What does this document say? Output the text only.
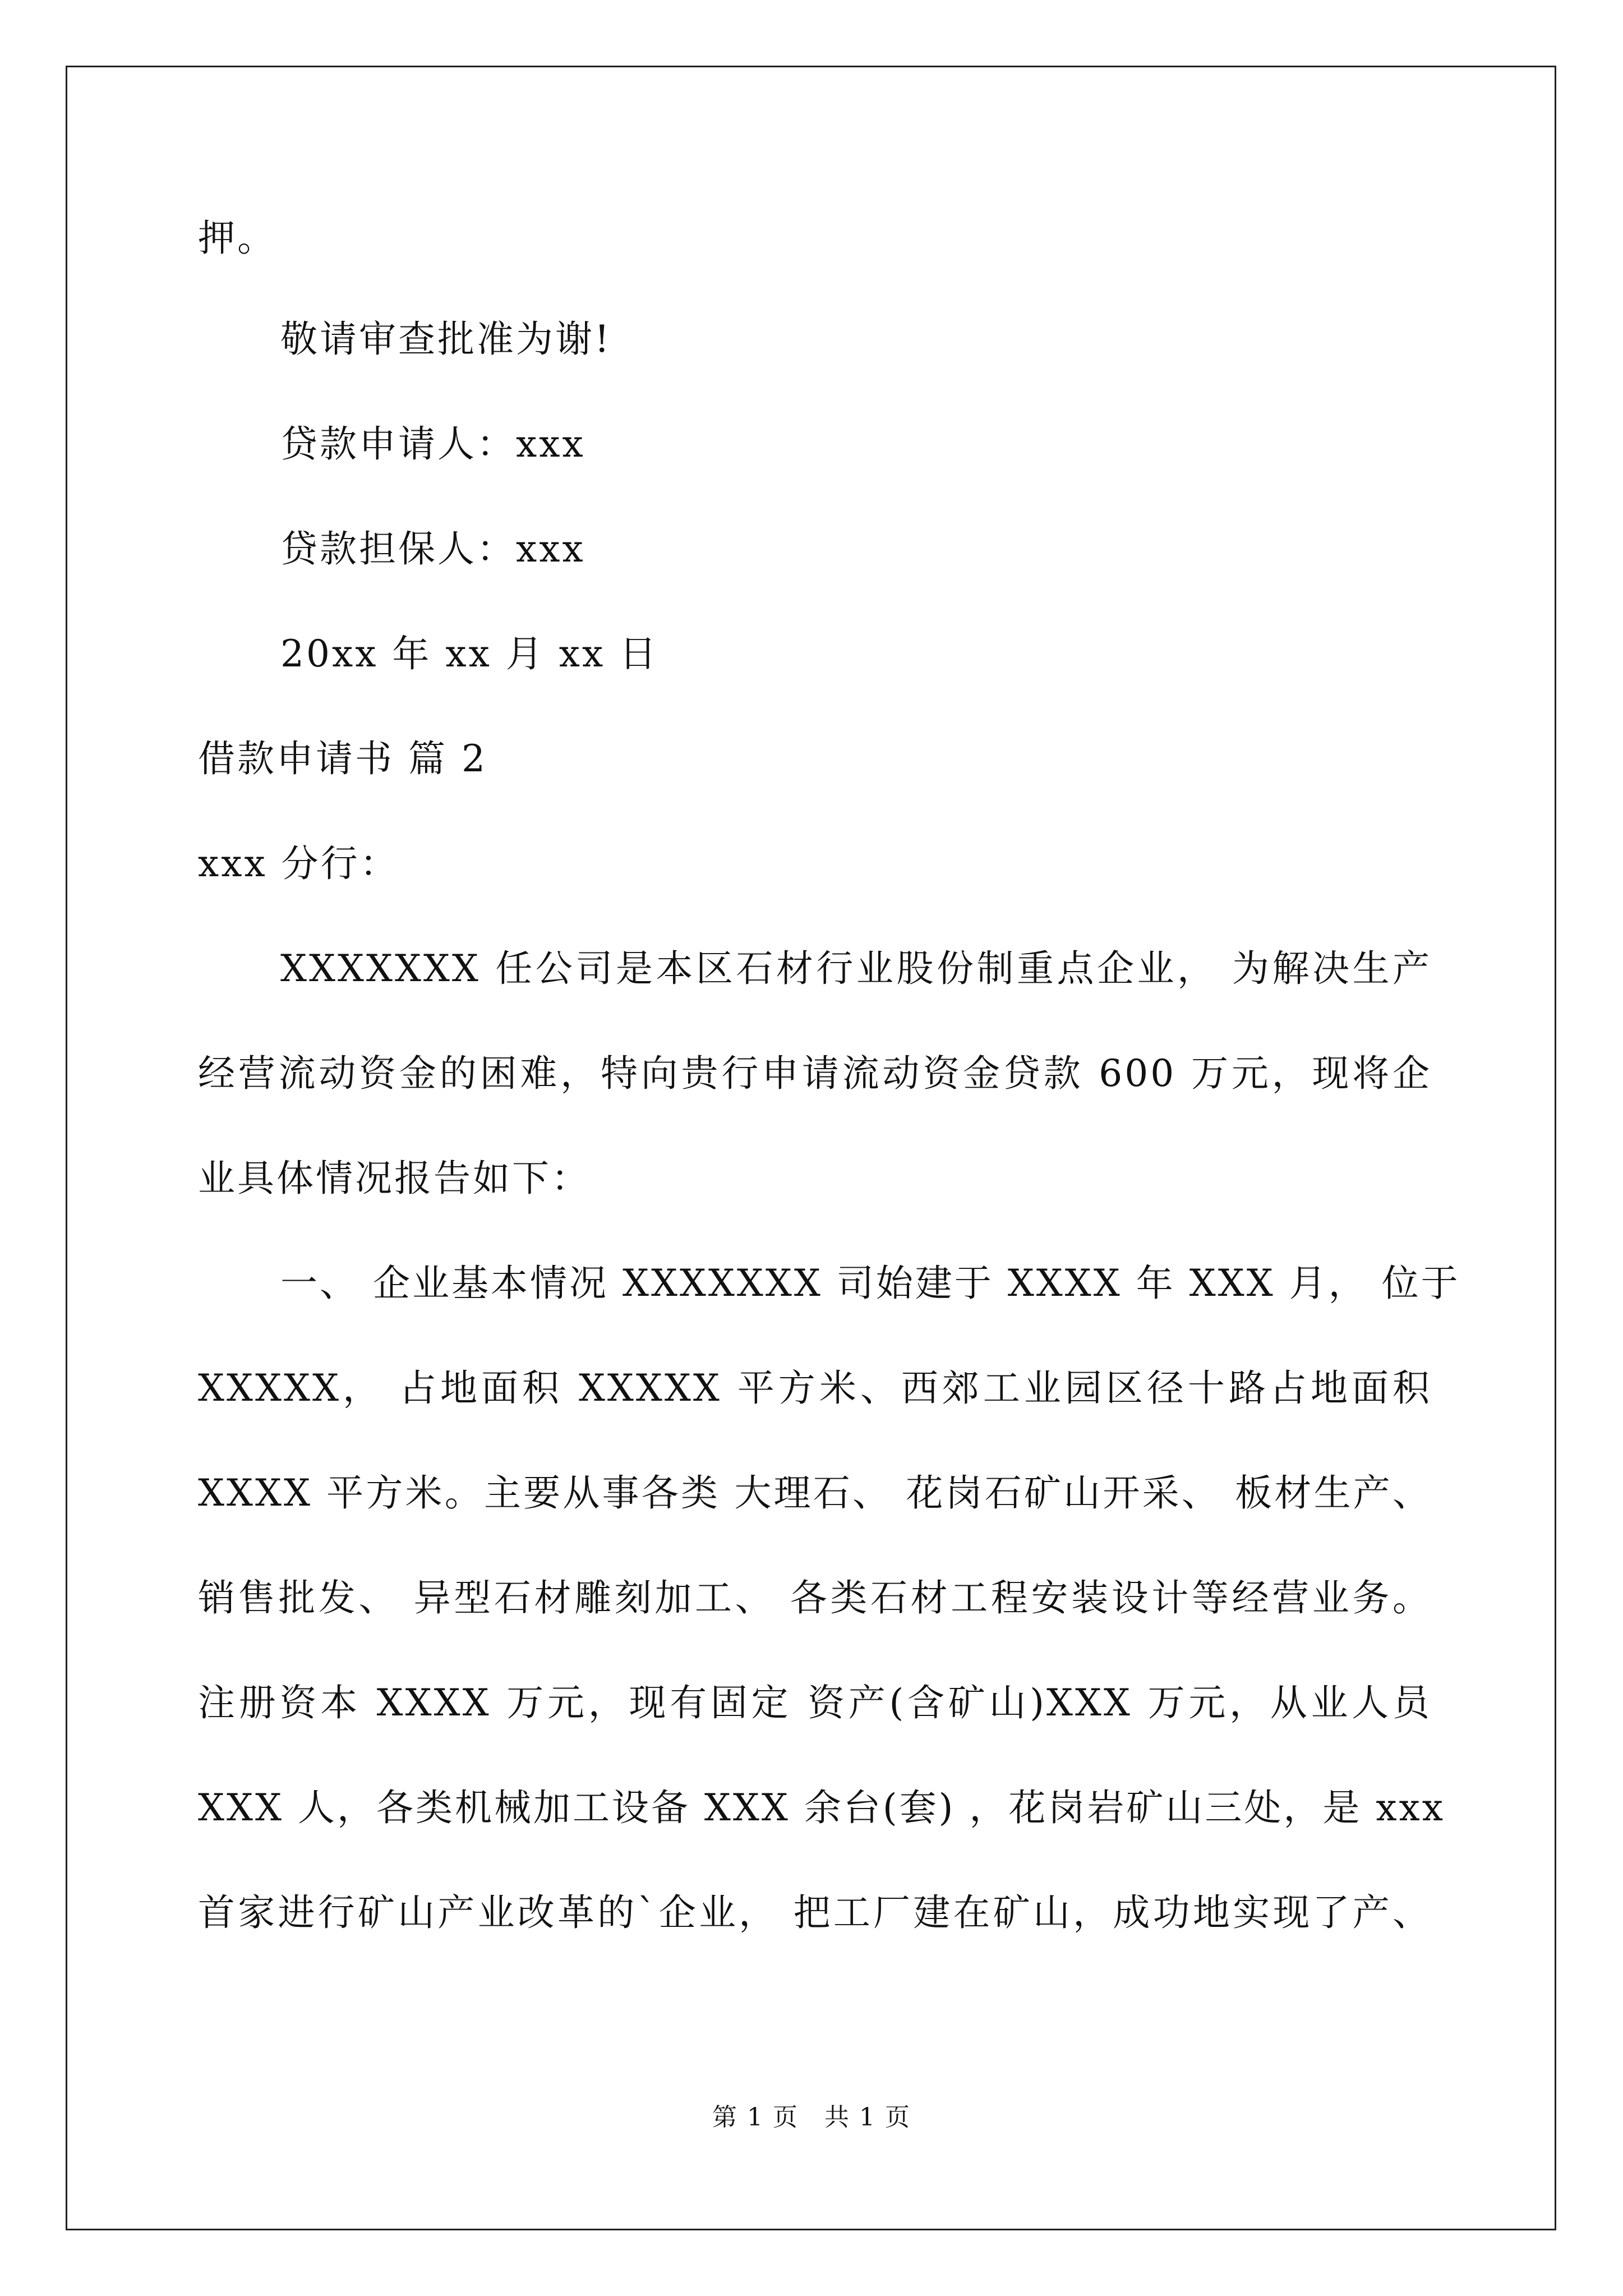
押。
敬请审查批准为谢!
贷款申请人：xxx
贷款担保人：xxx
20xx 年 xx 月 xx 日
借款申请书 篇 2
xxx 分行：
XXXXXXX 任公司是本区石材行业股份制重点企业， 为解决生产
经营流动资金的困难，特向贵行申请流动资金贷款 600 万元，现将企
业具体情况报告如下：
一、 企业基本情况 XXXXXXX 司始建于 XXXX 年 XXX 月， 位于
XXXXX， 占地面积 XXXXX 平方米、西郊工业园区径十路占地面积
XXXX 平方米。主要从事各类 大理石、 花岗石矿山开采、 板材生产、
销售批发、 异型石材雕刻加工、 各类石材工程安装设计等经营业务。
注册资本 XXXX 万元，现有固定 资产(含矿山)XXX 万元，从业人员
XXX 人，各类机械加工设备 XXX 余台(套) ，花岗岩矿山三处，是 xxx
首家进行矿山产业改革的`企业， 把工厂建在矿山，成功地实现了产、
第 1 页　共 1 页
